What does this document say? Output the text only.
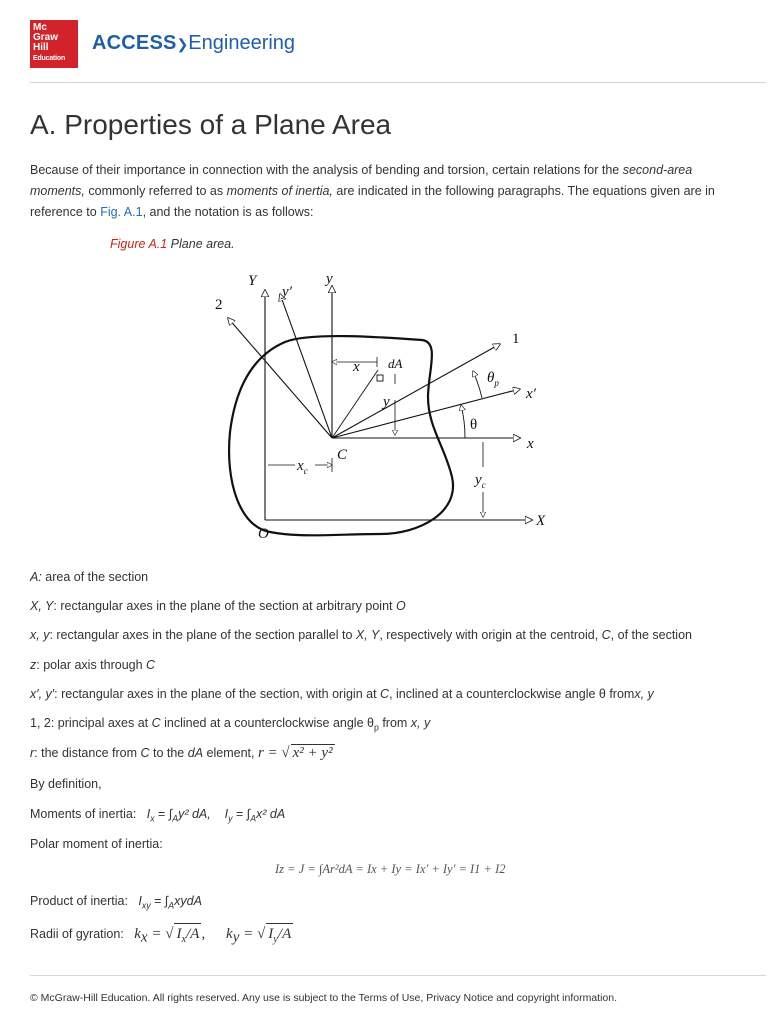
Mc
Graw
Hill
Education
ACCESS❯Engineering
A. Properties of a Plane Area
Because of their importance in connection with the analysis of bending and torsion, certain relations for the second-area moments, commonly referred to as moments of inertia, are indicated in the following paragraphs. The equations given are in reference to Fig. A.1, and the notation is as follows:
Figure A.1 Plane area.
Y
y′
y
2
1
x dA
$\theta_p$
x′
y
θ
x
$x_c$
C
$y_c$
O
X
A: area of the section
X, Y: rectangular axes in the plane of the section at arbitrary point O
x, y: rectangular axes in the plane of the section parallel to X, Y, respectively with origin at the centroid, C, of the section
z: polar axis through C
x′, y′: rectangular axes in the plane of the section, with origin at C, inclined at a counterclockwise angle θ fromx, y
1, 2: principal axes at C inclined at a counterclockwise angle $\theta_p$ from x, y
r: the distance from C to the dA element, r = √ x² + y²
By definition,
Moments of inertia: $I_x = \int_Ay^2$ dA, $I_y = \int_Ax^2$ dA
Polar moment of inertia:
Iz = J = ∫Ar²dA = Ix + Iy = Ix′ + Iy′ = I1 + I2
Product of inertia: $I_{xy}$ = $\int_AxydA$
Radii of gyration: $k_x$ = √ $I_x/A$ , $k_y$ = √ $I_y/A$
© McGraw-Hill Education. All rights reserved. Any use is subject to the Terms of Use, Privacy Notice and copyright information.
